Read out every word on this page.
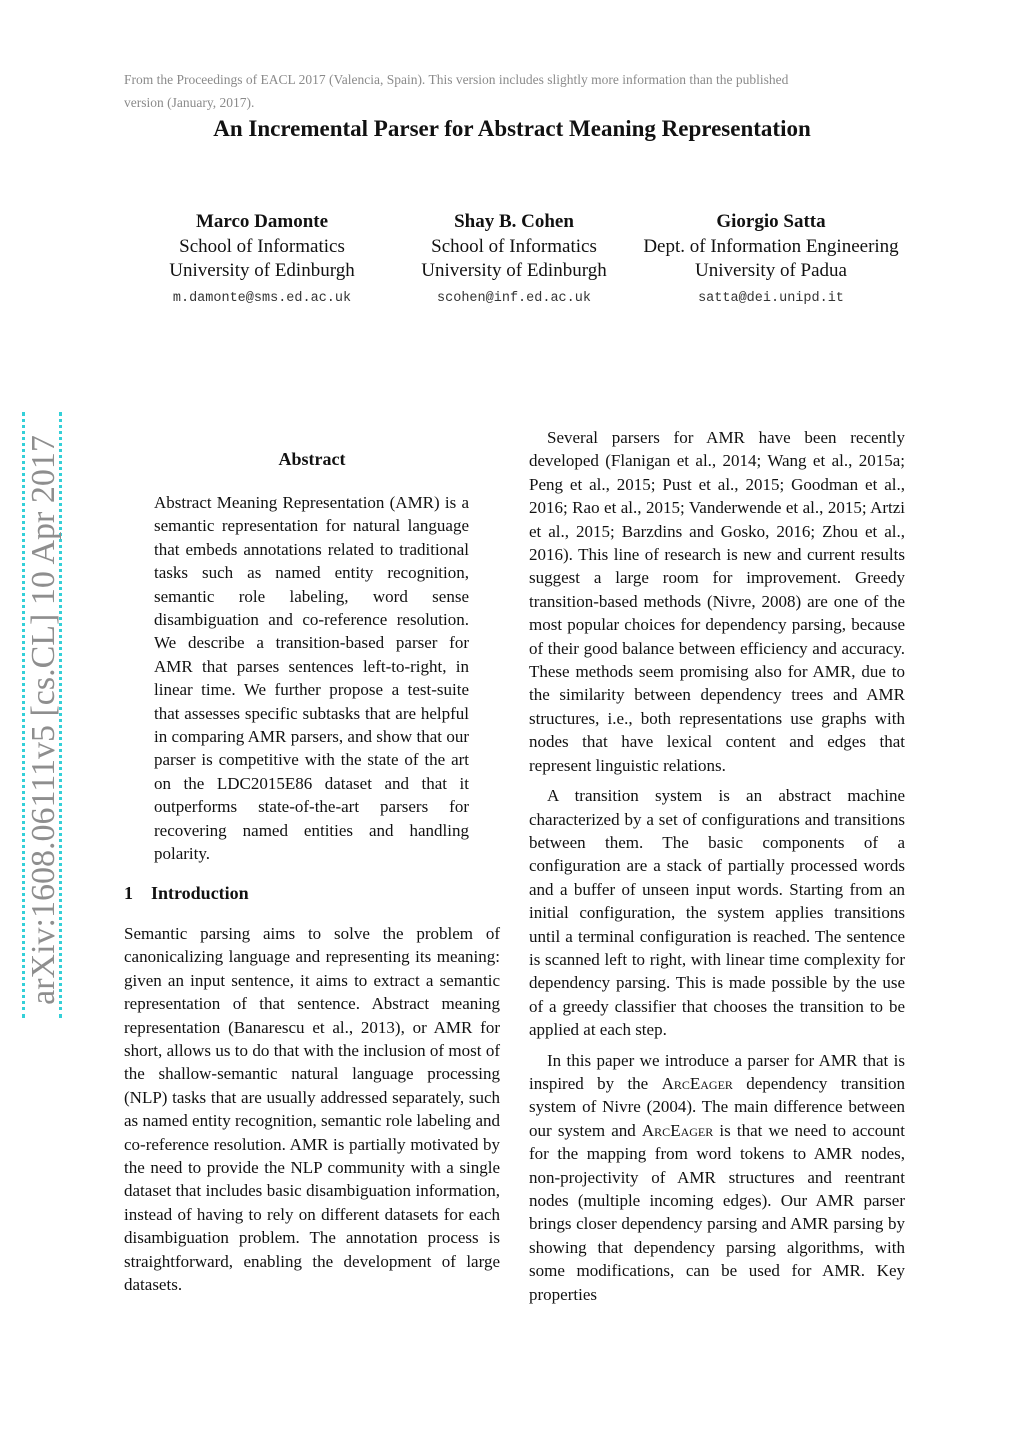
From the Proceedings of EACL 2017 (Valencia, Spain). This version includes slightly more information than the published version (January, 2017).
An Incremental Parser for Abstract Meaning Representation
Marco Damonte
School of Informatics
University of Edinburgh
m.damonte@sms.ed.ac.uk
Shay B. Cohen
School of Informatics
University of Edinburgh
scohen@inf.ed.ac.uk
Giorgio Satta
Dept. of Information Engineering
University of Padua
satta@dei.unipd.it
arXiv:1608.06111v5 [cs.CL] 10 Apr 2017	Abstract

Abstract Meaning Representation (AMR) is a semantic representation for natural language that embeds annotations related to traditional tasks such as named entity recognition, semantic role labeling, word sense disambiguation and co-reference resolution. We describe a transition-based parser for AMR that parses sentences left-to-right, in linear time. We further propose a test-suite that assesses specific subtasks that are helpful in comparing AMR parsers, and show that our parser is competitive with the state of the art on the LDC2015E86 dataset and that it outperforms state-of-the-art parsers for recovering named entities and handling polarity.

1 Introduction

Semantic parsing aims to solve the problem of canonicalizing language and representing its meaning: given an input sentence, it aims to extract a semantic representation of that sentence. Abstract meaning representation (Banarescu et al., 2013), or AMR for short, allows us to do that with the inclusion of most of the shallow-semantic natural language processing (NLP) tasks that are usually addressed separately, such as named entity recognition, semantic role labeling and co-reference resolution. AMR is partially motivated by the need to provide the NLP community with a single dataset that includes basic disambiguation information, instead of having to rely on different datasets for each disambiguation problem. The annotation process is straightforward, enabling the development of large datasets.

Several parsers for AMR have been recently developed (Flanigan et al., 2014; Wang et al., 2015a; Peng et al., 2015; Pust et al., 2015; Goodman et al., 2016; Rao et al., 2015; Vanderwende et al., 2015; Artzi et al., 2015; Barzdins and Gosko, 2016; Zhou et al., 2016). This line of research is new and current results suggest a large room for improvement. Greedy transition-based methods (Nivre, 2008) are one of the most popular choices for dependency parsing, because of their good balance between efficiency and accuracy. These methods seem promising also for AMR, due to the similarity between dependency trees and AMR structures, i.e., both representations use graphs with nodes that have lexical content and edges that represent linguistic relations.

A transition system is an abstract machine characterized by a set of configurations and transitions between them. The basic components of a configuration are a stack of partially processed words and a buffer of unseen input words. Starting from an initial configuration, the system applies transitions until a terminal configuration is reached. The sentence is scanned left to right, with linear time complexity for dependency parsing. This is made possible by the use of a greedy classifier that chooses the transition to be applied at each step.

In this paper we introduce a parser for AMR that is inspired by the ArcEager dependency transition system of Nivre (2004). The main difference between our system and ArcEager is that we need to account for the mapping from word tokens to AMR nodes, non-projectivity of AMR structures and reentrant nodes (multiple incoming edges). Our AMR parser brings closer dependency parsing and AMR parsing by showing that dependency parsing algorithms, with some modifications, can be used for AMR. Key properties
